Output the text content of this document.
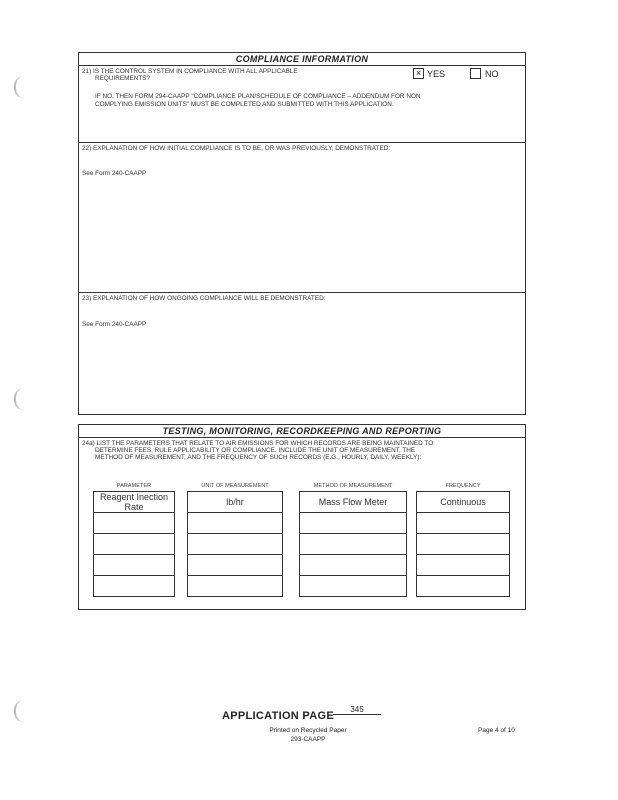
COMPLIANCE INFORMATION
21) IS THE CONTROL SYSTEM IN COMPLIANCE WITH ALL APPLICABLE
REQUIREMENTS?
× YES	NO
IF NO, THEN FORM 294-CAAPP "COMPLIANCE PLAN/SCHEDULE OF COMPLIANCE – ADDENDUM FOR NON
COMPLYING EMISSION UNITS" MUST BE COMPLETED AND SUBMITTED WITH THIS APPLICATION.
22) EXPLANATION OF HOW INITIAL COMPLIANCE IS TO BE, OR WAS PREVIOUSLY, DEMONSTRATED:
See Form 240-CAAPP
23) EXPLANATION OF HOW ONGOING COMPLIANCE WILL BE DEMONSTRATED:
See Form 240-CAAPP
TESTING, MONITORING, RECORDKEEPING AND REPORTING
24a) LIST THE PARAMETERS THAT RELATE TO AIR EMISSIONS FOR WHICH RECORDS ARE BEING MAINTAINED TO
DETERMINE FEES, RULE APPLICABILITY OR COMPLIANCE. INCLUDE THE UNIT OF MEASUREMENT, THE
METHOD OF MEASUREMENT, AND THE FREQUENCY OF SUCH RECORDS (E.G., HOURLY, DAILY, WEEKLY):
PARAMETER	UNIT OF MEASUREMENT	METHOD OF MEASUREMENT	FREQUENCY
Reagent Inection Rate	lb/hr	Mass Flow Meter	Continuous
APPLICATION PAGE
345
Printed on Recycled Paper
293-CAAPP
Page 4 of 10
